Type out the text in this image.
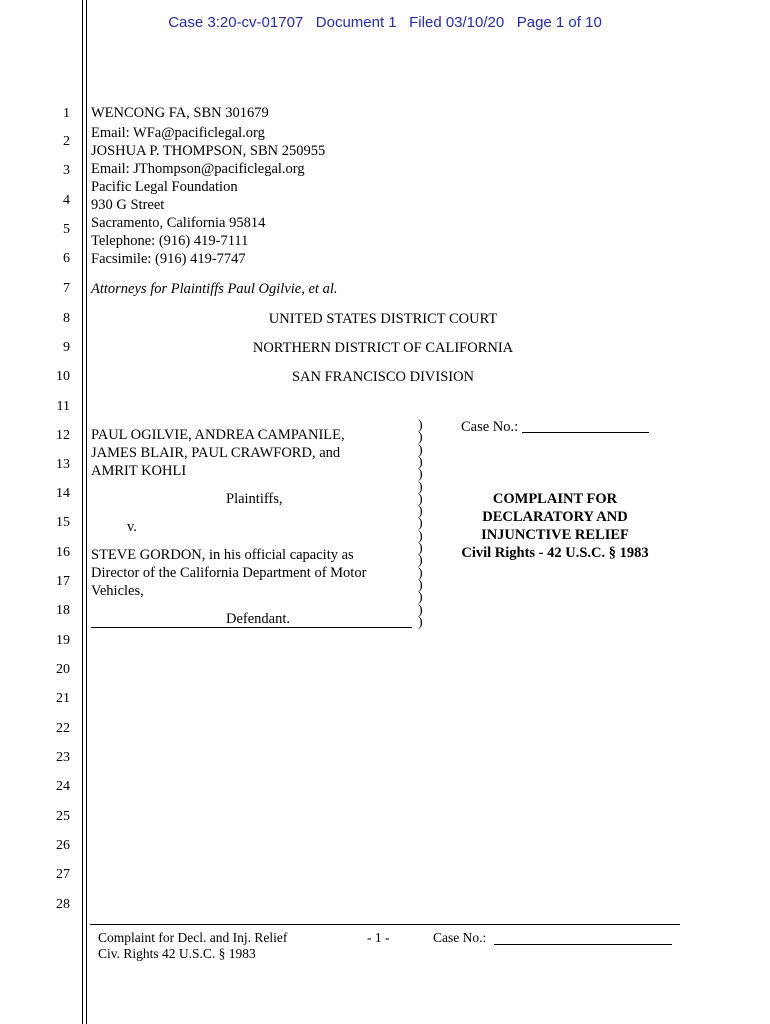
Case 3:20-cv-01707   Document 1   Filed 03/10/20   Page 1 of 10
1
2
3
4
5
6
7
8
9
10
11
12
13
14
15
16
17
18
19
20
21
22
23
24
25
26
27
28
WENCONG FA, SBN 301679
Email: WFa@pacificlegal.org
JOSHUA P. THOMPSON, SBN 250955
Email: JThompson@pacificlegal.org
Pacific Legal Foundation
930 G Street
Sacramento, California 95814
Telephone: (916) 419-7111
Facsimile: (916) 419-7747
Attorneys for Plaintiffs Paul Ogilvie, et al.
UNITED STATES DISTRICT COURT
NORTHERN DISTRICT OF CALIFORNIA
SAN FRANCISCO DIVISION
PAUL OGILVIE, ANDREA CAMPANILE,
JAMES BLAIR, PAUL CRAWFORD, and
AMRIT KOHLI
Plaintiffs,
v.
STEVE GORDON, in his official capacity as
Director of the California Department of Motor
Vehicles,
Defendant.
)
)
)
)
)
)
)
)
)
)
)
)
)
)
)
)
)
Case No.:
COMPLAINT FOR
DECLARATORY AND
INJUNCTIVE RELIEF
Civil Rights - 42 U.S.C. § 1983
Complaint for Decl. and Inj. Relief
Civ. Rights 42 U.S.C. § 1983
- 1 -	Case No.:
